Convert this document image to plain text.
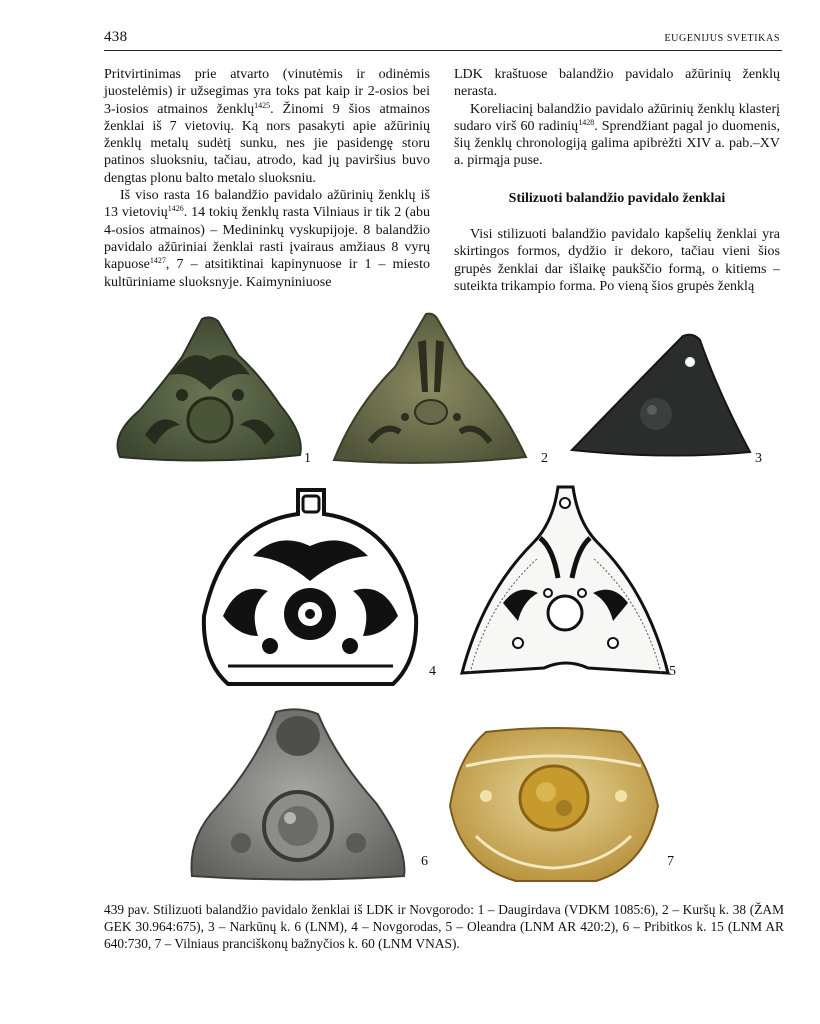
438	EUGENIJUS SVETIKAS

Pritvirtinimas prie atvarto (vinutėmis ir odinėmis juostelėmis) ir užsegimas yra toks pat kaip ir 2-osios bei 3-iosios atmainos ženklų$^{1425}$. Žinomi 9 šios atmainos ženklai iš 7 vietovių. Ką nors pasakyti apie ažūrinių ženklų metalų sudėtį sunku, nes jie pasidengę storu patinos sluoksniu, tačiau, atrodo, kad jų paviršius buvo dengtas plonu balto metalo sluoksniu.

Iš viso rasta 16 balandžio pavidalo ažūrinių ženklų iš 13 vietovių$^{1426}$. 14 tokių ženklų rasta Vilniaus ir tik 2 (abu 4-osios atmainos) – Medininkų vyskupijoje. 8 balandžio pavidalo ažūriniai ženklai rasti įvairaus amžiaus 8 vyrų kapuose$^{1427}$, 7 – atsitiktinai kapinynuose ir 1 – miesto kultūriniame sluoksnyje. Kaimyniniuose

LDK kraštuose balandžio pavidalo ažūrinių ženklų nerasta.

Koreliacinį balandžio pavidalo ažūrinių ženklų klasterį sudaro virš 60 radinių$^{1428}$. Sprendžiant pagal jo duomenis, šių ženklų chronologiją galima apibrėžti XIV a. pab.–XV a. pirmąja puse.

Stilizuoti balandžio pavidalo ženklai

Visi stilizuoti balandžio pavidalo kapšelių ženklai yra skirtingos formos, dydžio ir dekoro, tačiau vieni šios grupės ženklai dar išlaikę paukščio formą, o kitiems – suteikta trikampio forma. Po vieną šios grupės ženklą

1	2	3
4	5
6	7
439 pav. Stilizuoti balandžio pavidalo ženklai iš LDK ir Novgorodo: 1 – Daugirdava (VDKM 1085:6), 2 – Kuršų k. 38 (ŽAM GEK 30.964:675), 3 – Narkūnų k. 6 (LNM), 4 – Novgorodas, 5 – Oleandra (LNM AR 420:2), 6 – Pribitkos k. 15 (LNM AR 640:730, 7 – Vilniaus pranciškonų bažnyčios k. 60 (LNM VNAS).
